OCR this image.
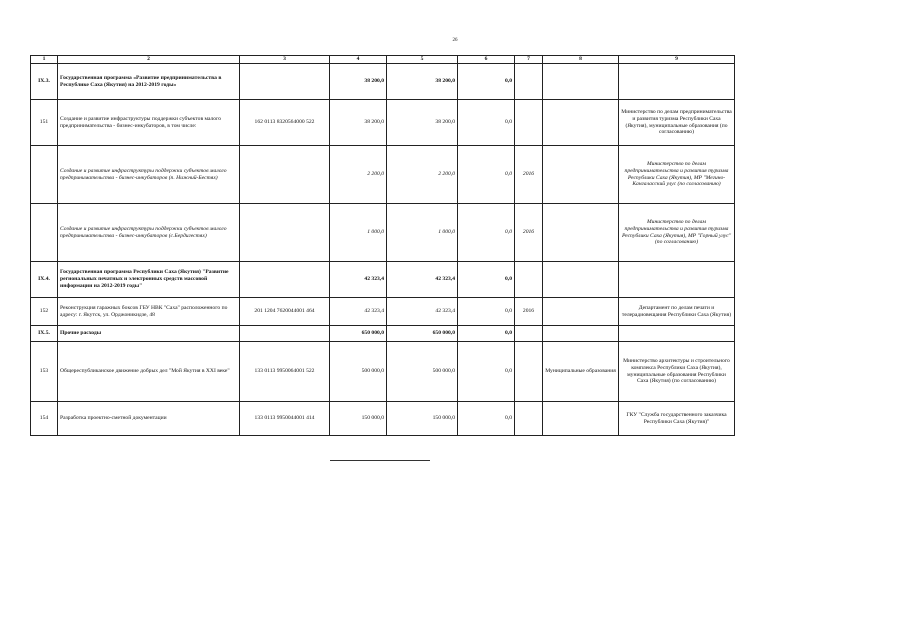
26
1	2	3	4	5	6	7	8	9
IX.3.	Государственная программа «Развитие предпринимательства в Республике Саха (Якутия) на 2012-2019 годы»		38 200,0	38 200,0	0,0			
151	Создание и развитие инфраструктуры поддержки субъектов малого предпринимательства - бизнес-инкубаторов, в том числе:	162 0113 8320564000 522	38 200,0	38 200,0	0,0			Министерство по делам предпринимательства и развития туризма Республики Саха (Якутия), муниципальные образования (по согласованию)
	Создание и развитие инфраструктуры поддержки субъектов малого предпринимательства - бизнес-инкубаторов (п. Нижний-Бестях)		2 200,0	2 200,0	0,0	2016		Министерство по делам предпринимательства и развития туризма Республики Саха (Якутия), МР "Мегино-Кангаласский улус (по согласованию)
	Создание и развитие инфраструктуры поддержки субъектов малого предпринимательства - бизнес-инкубаторов (с.Бердигестях)		1 000,0	1 000,0	0,0	2016		Министерство по делам предпринимательства и развития туризма Республики Саха (Якутия), МР "Горный улус" (по согласованию)
IX.4.	Государственная программа Республики Саха (Якутия) "Развитие региональных печатных и электронных средств массовой информации на 2012-2019 годы"		42 323,4	42 323,4	0,0			
152	Реконструкция гаражных боксов ГБУ НВК "Саха" расположенного по адресу: г. Якутск, ул. Орджоникидзе, 48	201 1204 7620044001 464	42 323,4	42 323,4	0,0	2016		Департамент по делам печати и телерадиовещания Республики Саха (Якутия)
IX.5.	Прочие расходы		650 000,0	650 000,0	0,0			
153	Общереспубликанское движение добрых дел "Мой Якутия в XXI веке"	133 0113 9950064001 522	500 000,0	500 000,0	0,0		Муниципальные образования	Министерство архитектуры и строительного комплекса Республики Саха (Якутия), муниципальные образования Республики Саха (Якутия) (по согласованию)
154	Разработка проектно-сметной документации	133 0113 9950044001 414	150 000,0	150 000,0	0,0			ГКУ "Служба государственного заказчика Республики Саха (Якутия)"
